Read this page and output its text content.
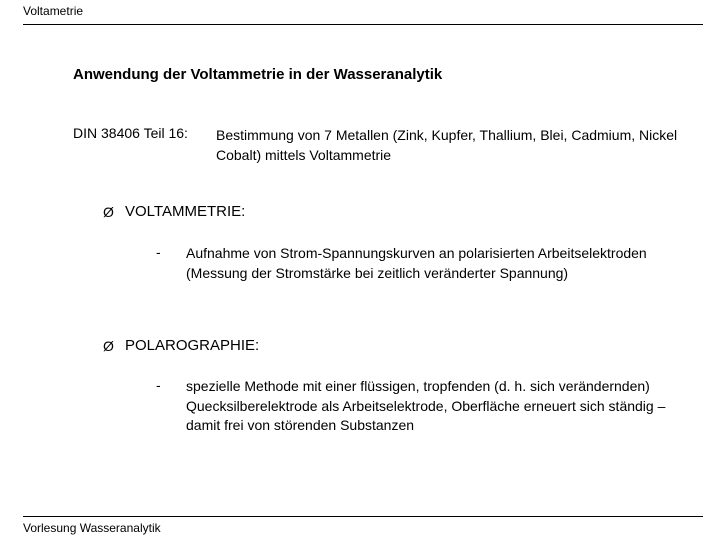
Voltametrie
Anwendung der Voltammetrie in der Wasseranalytik
DIN 38406 Teil 16: Bestimmung von 7 Metallen (Zink, Kupfer, Thallium, Blei, Cadmium, Nickel Cobalt) mittels Voltammetrie
Ø VOLTAMMETRIE:
- Aufnahme von Strom-Spannungskurven an polarisierten Arbeitselektroden (Messung der Stromstärke bei zeitlich veränderter Spannung)
Ø POLAROGRAPHIE:
- spezielle Methode mit einer flüssigen, tropfenden (d. h. sich verändernden) Quecksilberelektrode als Arbeitselektrode, Oberfläche erneuert sich ständig – damit frei von störenden Substanzen
Vorlesung Wasseranalytik
